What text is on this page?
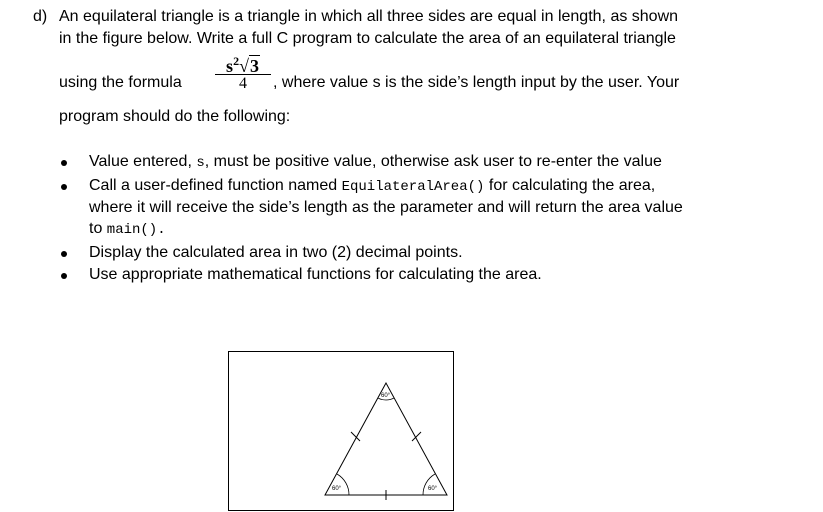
d) An equilateral triangle is a triangle in which all three sides are equal in length, as shown
in the figure below. Write a full C program to calculate the area of an equilateral triangle
using the formula
$s^2√3$
4	, where value s is the side’s length input by the user. Your
program should do the following:
Value entered, s, must be positive value, otherwise ask user to re-enter the value
Call a user-defined function named EquilateralArea() for calculating the area,
where it will receive the side’s length as the parameter and will return the area value
to main().
Display the calculated area in two (2) decimal points.
Use appropriate mathematical functions for calculating the area.
60°
60°	60°
